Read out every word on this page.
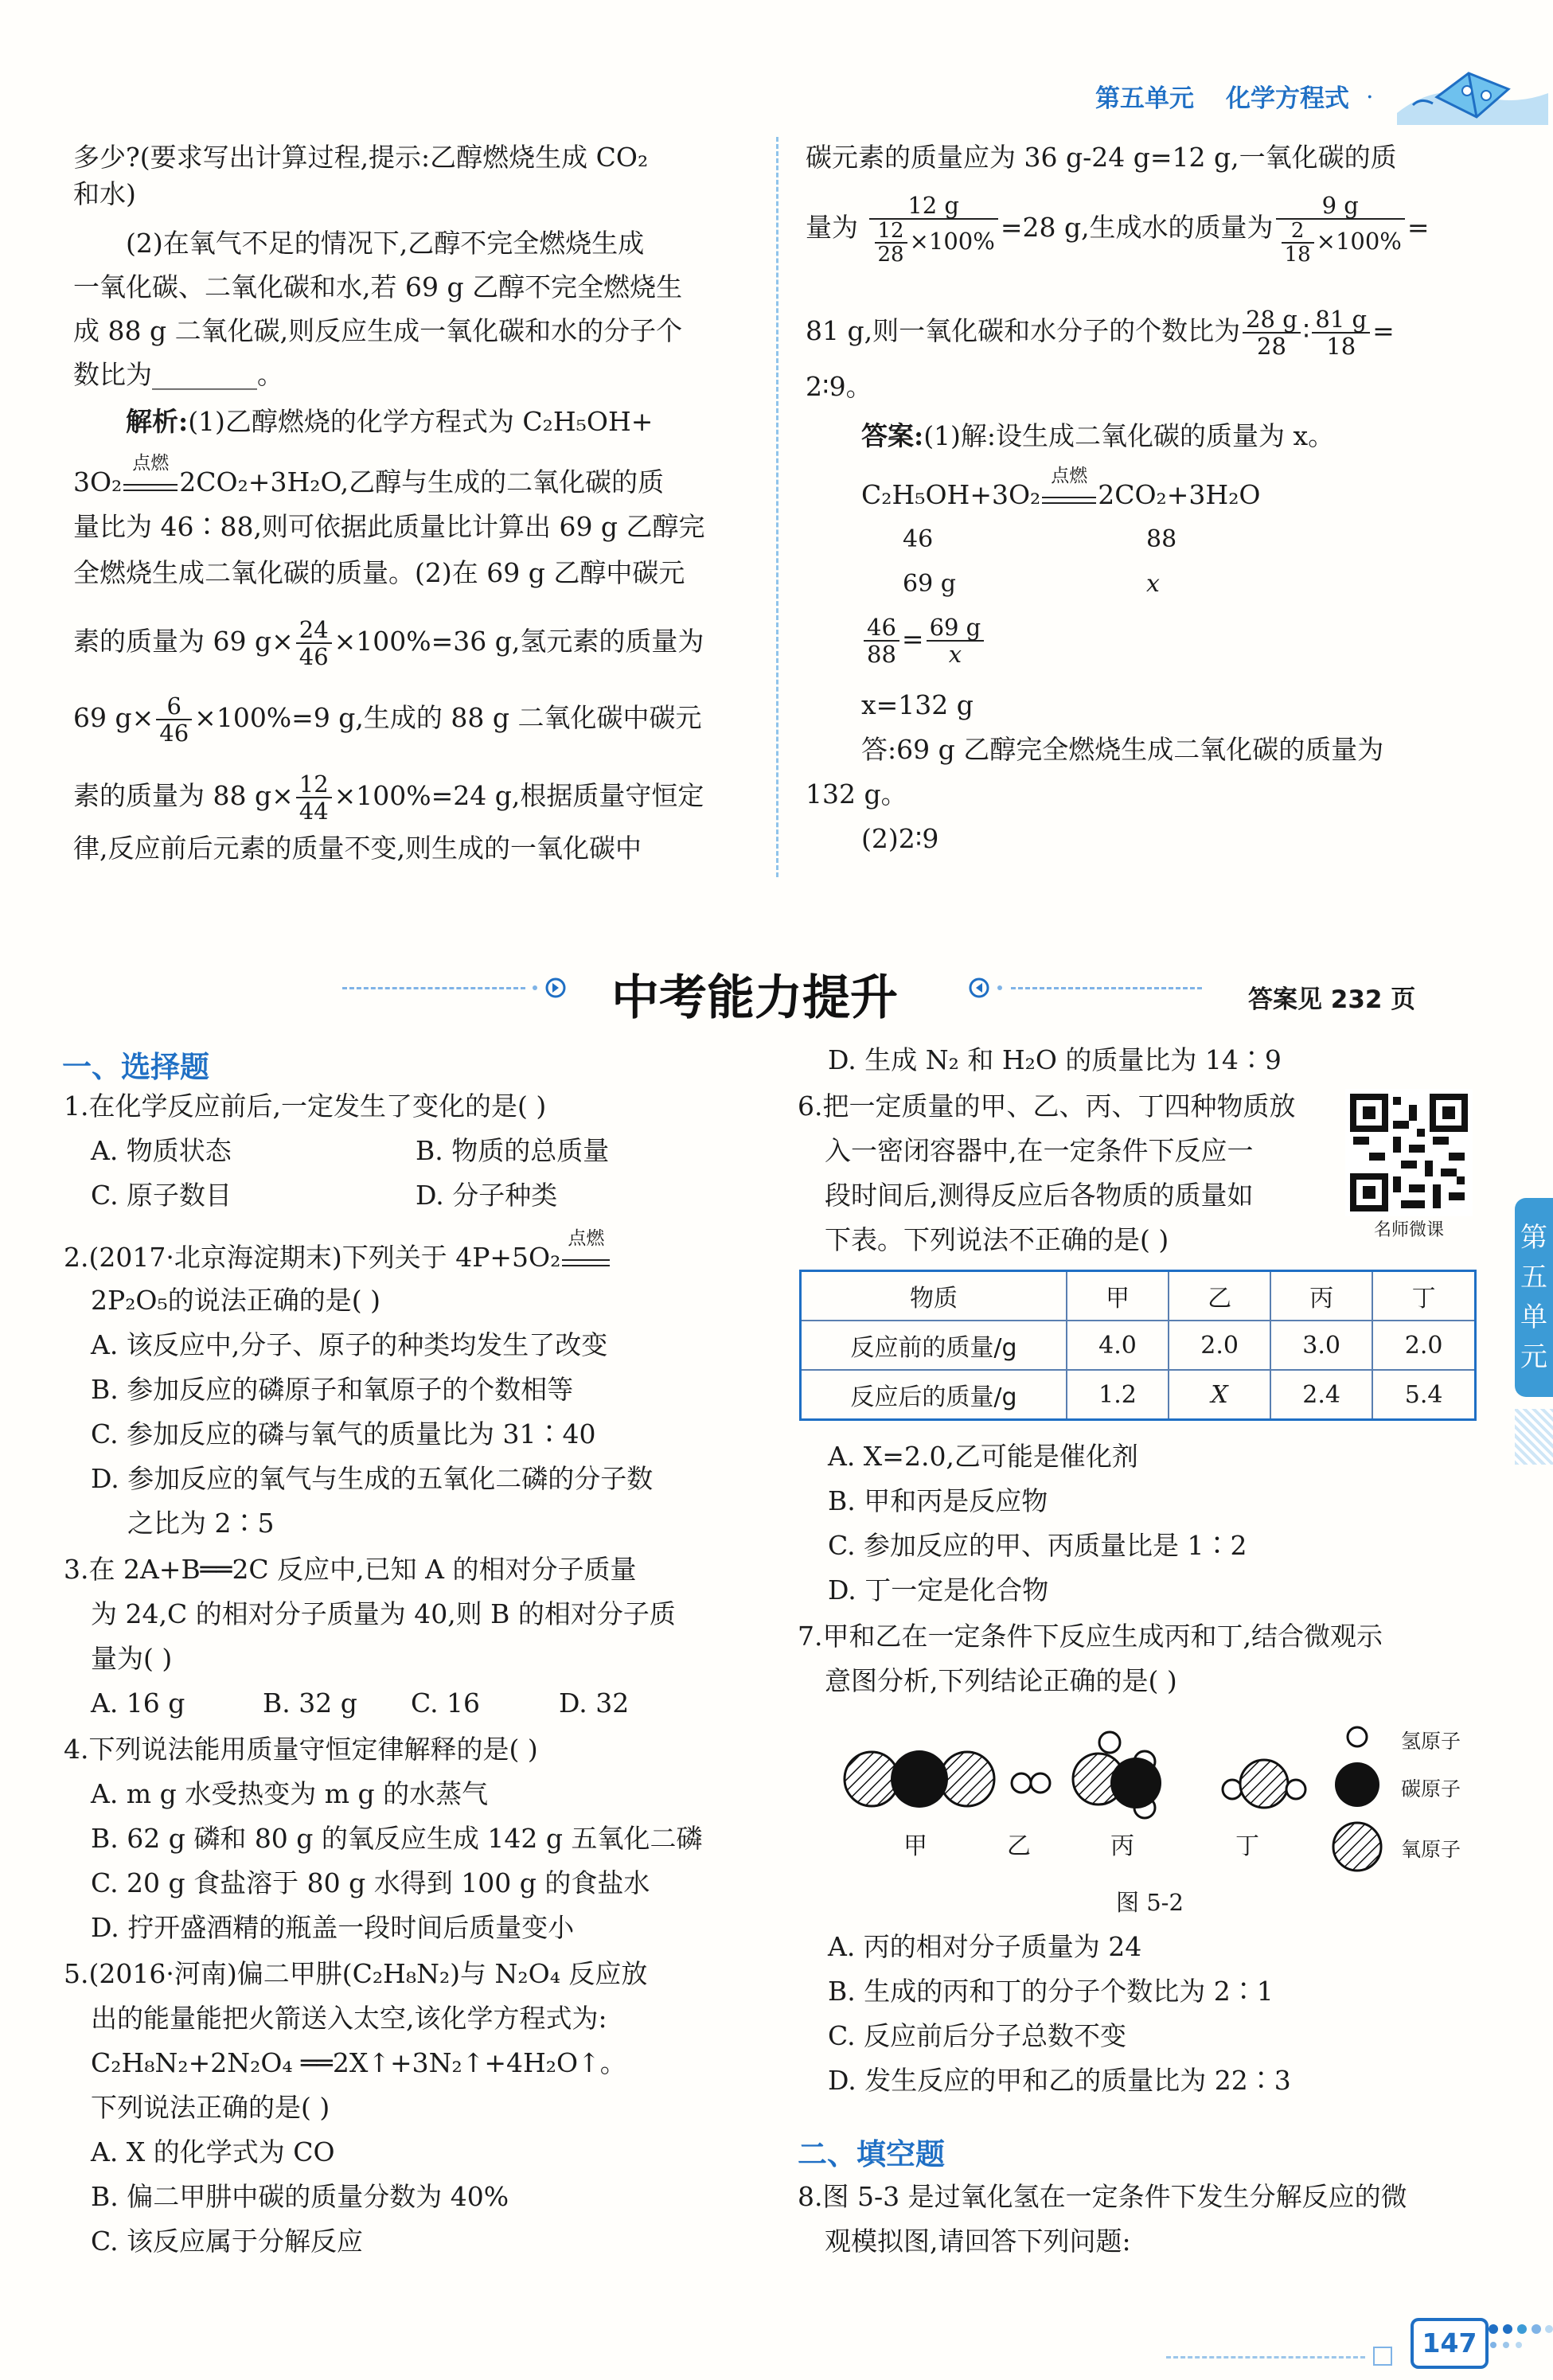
第五单元 化学方程式 .
多少?(要求写出计算过程,提示:乙醇燃烧生成 CO₂
和水)
(2)在氧气不足的情况下,乙醇不完全燃烧生成
一氧化碳、二氧化碳和水,若 69 g 乙醇不完全燃烧生
成 88 g 二氧化碳,则反应生成一氧化碳和水的分子个
数比为________。
解析:(1)乙醇燃烧的化学方程式为 C₂H₅OH+
3O₂
点燃
2CO₂+3H₂O,乙醇与生成的二氧化碳的质
量比为 46∶88,则可依据此质量比计算出 69 g 乙醇完
全燃烧生成二氧化碳的质量。(2)在 69 g 乙醇中碳元
素的质量为 69 $g\times \frac{24}{46} \times 100\%=36$ g,氢元素的质量为
69 $g\times \frac{6}{46} \times 100\%=9$ g,生成的 88 g 二氧化碳中碳元
素的质量为 88 $g\times \frac{12}{44} \times 100\%=24$ g,根据质量守恒定
律,反应前后元素的质量不变,则生成的一氧化碳中
碳元素的质量应为 36 g-24 g=12 g,一氧化碳的质
量为 $\frac{12 g}{\frac{12}{28} \times 100\%} =28$ g,生成水的质量为 $\frac{9 g}{\frac{2}{18} \times 100\%}$ =
81 g,则一氧化碳和水分子的个数比为 $\frac{28 g}{28}$ ∶ $\frac{81 g}{18}$ =
2∶9。
答案:(1)解:设生成二氧化碳的质量为 x。
C₂H₅OH+3O₂
点燃
2CO₂+3H₂O
46	88
69 g	x
$\frac{46}{88} = \frac{69 g}{x}$
x=132 g
答:69 g 乙醇完全燃烧生成二氧化碳的质量为
132 g。
(2)2∶9
中考能力提升	答案见 232 页
一、选择题
1.在化学反应前后,一定发生了变化的是( )
A. 物质状态	B. 物质的总质量
C. 原子数目	D. 分子种类
2.(2017·北京海淀期末)下列关于 4P+5O₂
点燃
2P₂O₅的说法正确的是( )
A. 该反应中,分子、原子的种类均发生了改变
B. 参加反应的磷原子和氧原子的个数相等
C. 参加反应的磷与氧气的质量比为 31∶40
D. 参加反应的氧气与生成的五氧化二磷的分子数
之比为 2∶5
3.在 2A+B══2C 反应中,已知 A 的相对分子质量
为 24,C 的相对分子质量为 40,则 B 的相对分子质
量为( )
A. 16 g	B. 32 g C. 16	D. 32
4.下列说法能用质量守恒定律解释的是( )
A. m g 水受热变为 m g 的水蒸气
B. 62 g 磷和 80 g 的氧反应生成 142 g 五氧化二磷
C. 20 g 食盐溶于 80 g 水得到 100 g 的食盐水
D. 拧开盛酒精的瓶盖一段时间后质量变小
5.(2016·河南)偏二甲肼(C₂H₈N₂)与 N₂O₄ 反应放
出的能量能把火箭送入太空,该化学方程式为:
C₂H₈N₂+2N₂O₄ ══2X↑+3N₂↑+4H₂O↑。
下列说法正确的是( )
A. X 的化学式为 CO
B. 偏二甲肼中碳的质量分数为 40%
C. 该反应属于分解反应
D. 生成 N₂ 和 H₂O 的质量比为 14∶9
6.把一定质量的甲、乙、丙、丁四种物质放
入一密闭容器中,在一定条件下反应一
段时间后,测得反应后各物质的质量如
下表。下列说法不正确的是( )	名师微课
物质	甲	乙	丙	丁
反应前的质量/g	4.0	2.0	3.0	2.0
反应后的质量/g	1.2	X	2.4	5.4
A. X=2.0,乙可能是催化剂
B. 甲和丙是反应物
C. 参加反应的甲、丙质量比是 1∶2
D. 丁一定是化合物
7.甲和乙在一定条件下反应生成丙和丁,结合微观示
意图分析,下列结论正确的是( )
氢原子
碳原子
氧原子
甲	乙	丙	丁
图 5-2
A. 丙的相对分子质量为 24
B. 生成的丙和丁的分子个数比为 2∶1
C. 反应前后分子总数不变
D. 发生反应的甲和乙的质量比为 22∶3
二、填空题
8.图 5-3 是过氧化氢在一定条件下发生分解反应的微
观模拟图,请回答下列问题:
第
五
单
元
147
